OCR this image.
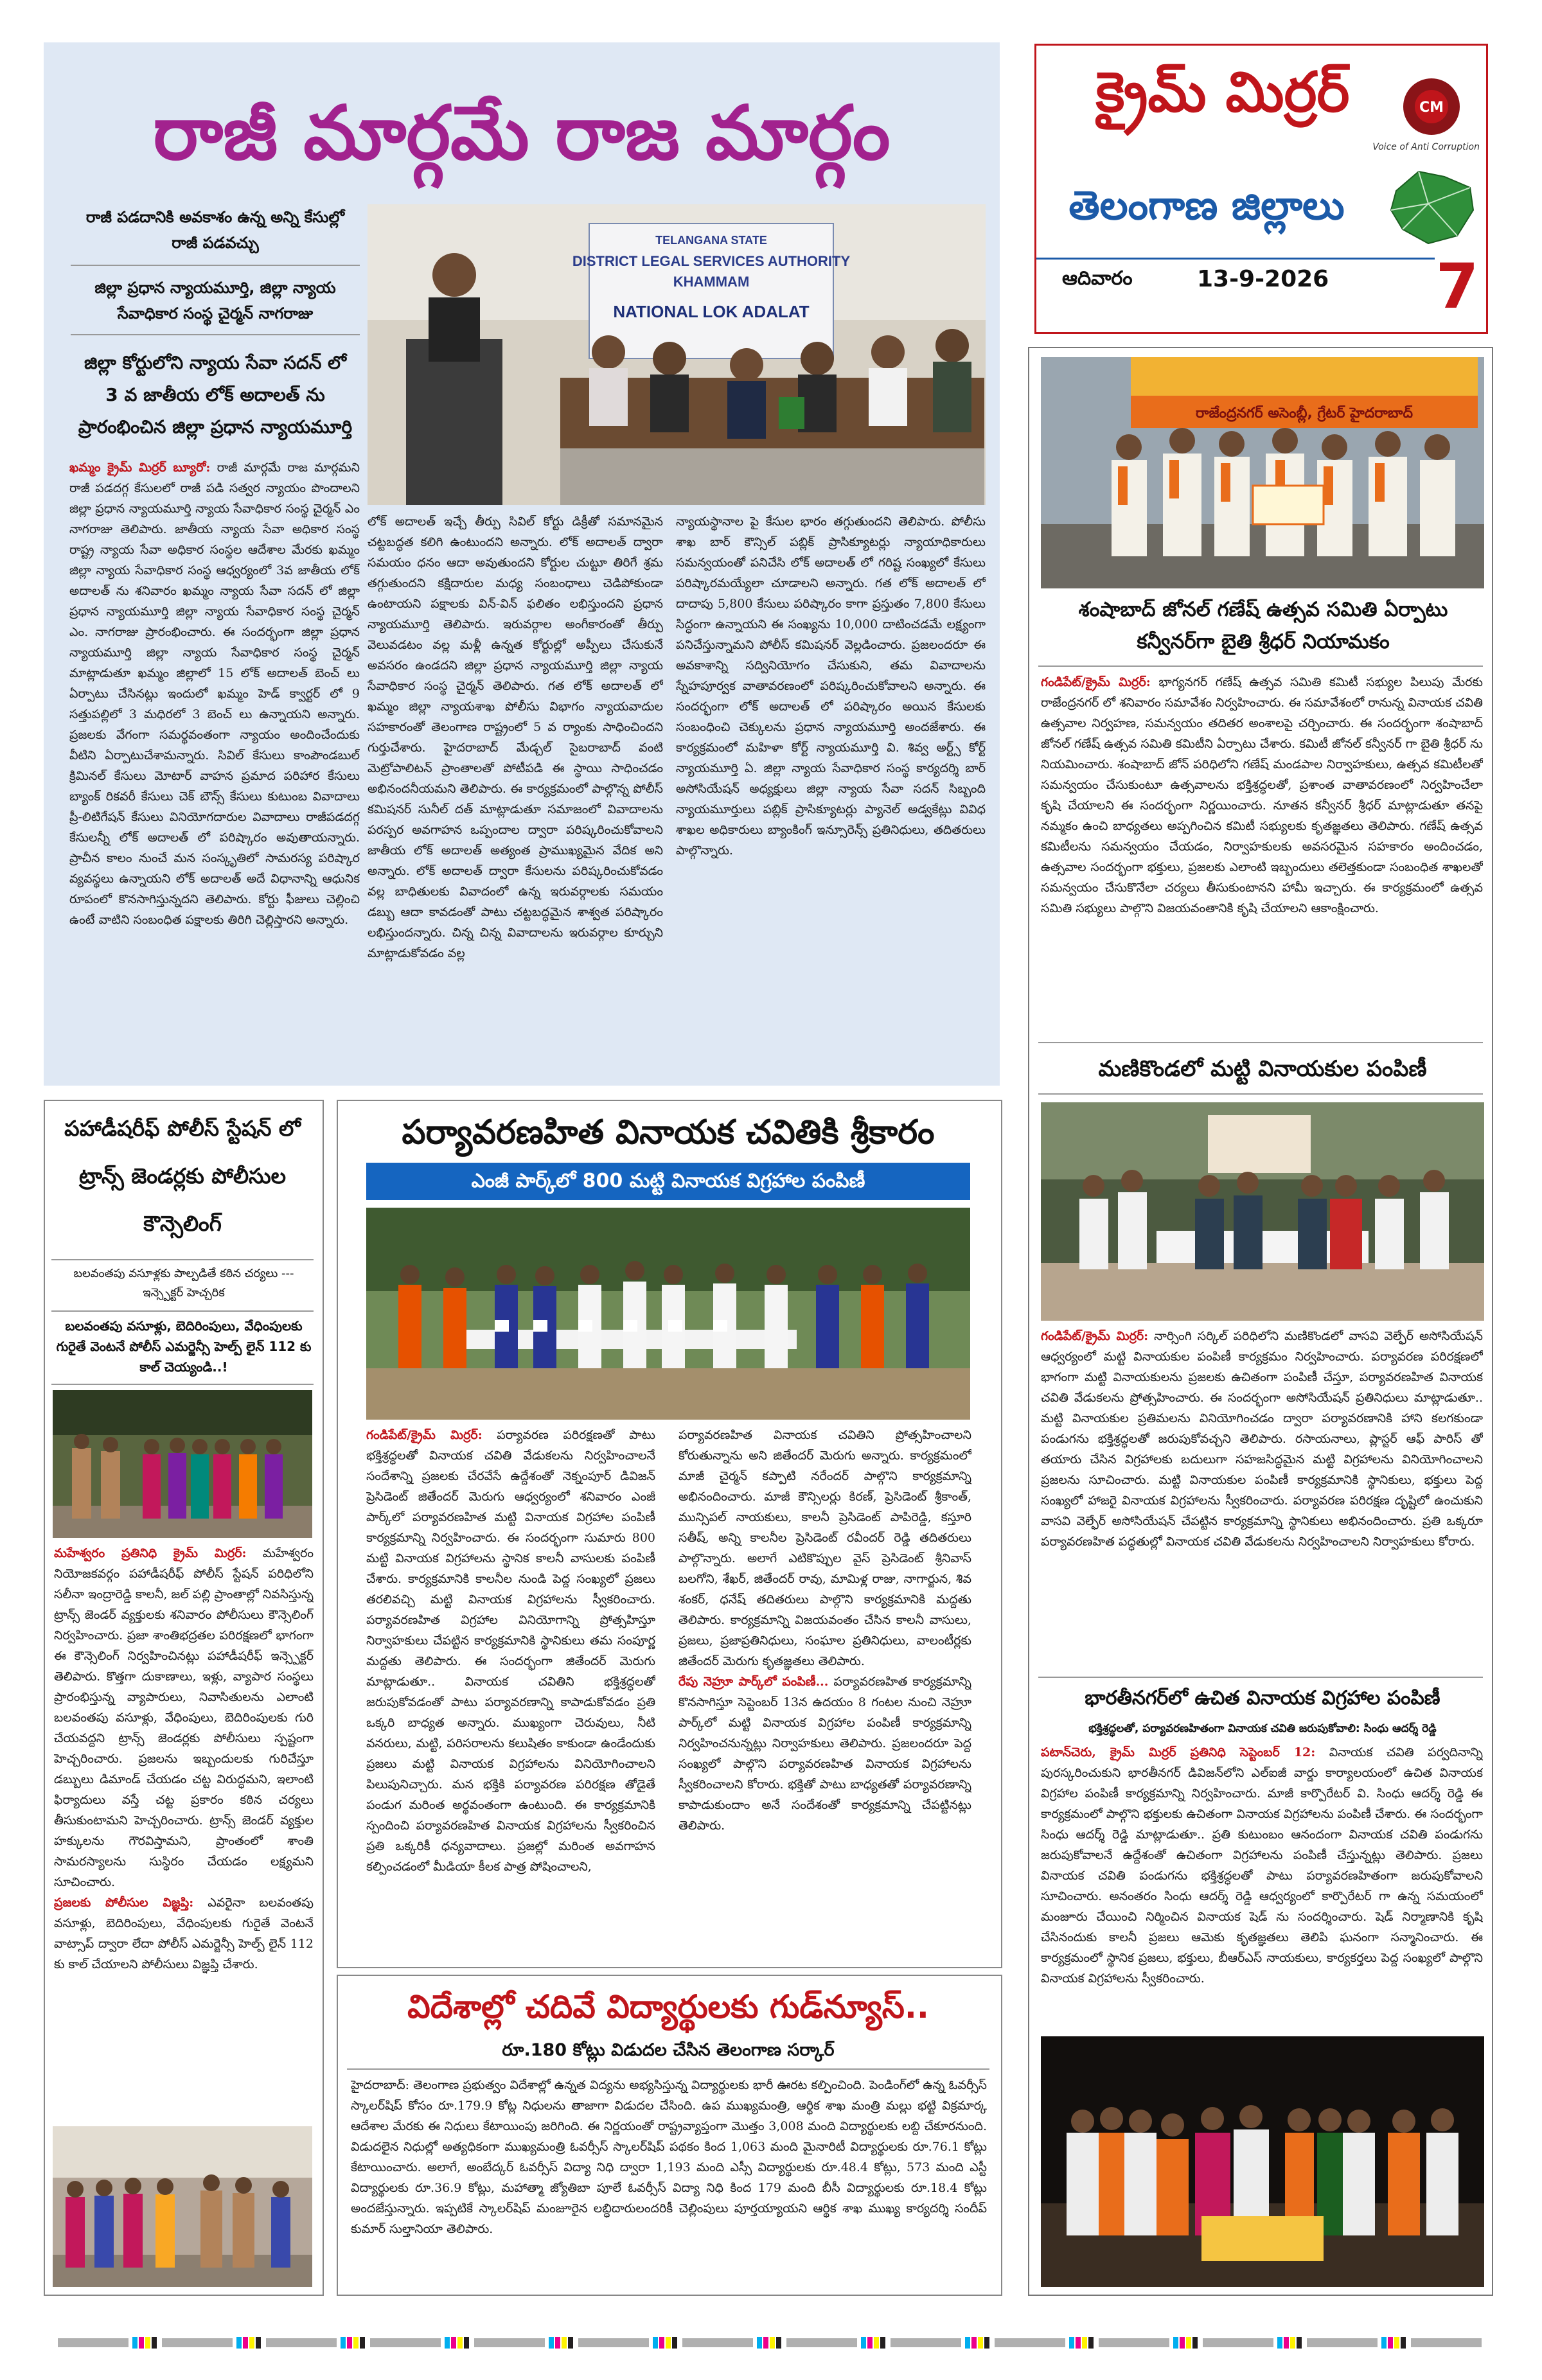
రాజీ మార్గమే రాజ మార్గం
రాజీ పడదానికి అవకాశం ఉన్న అన్ని కేసుల్లో రాజీ పడవచ్చు
జిల్లా ప్రధాన న్యాయమూర్తి, జిల్లా న్యాయ సేవాధికార సంస్థ చైర్మన్ నాగరాజు
జిల్లా కోర్టులోని న్యాయ సేవా సదన్ లో 3 వ జాతీయ లోక్ అదాలత్ ను ప్రారంభించిన జిల్లా ప్రధాన న్యాయమూర్తి
TELANGANA STATE
DISTRICT LEGAL SERVICES AUTHORITY
KHAMMAM
NATIONAL LOK ADALAT
ఖమ్మం క్రైమ్ మిర్రర్ బ్యూరో: రాజీ మార్గమే రాజ మార్గమని రాజీ పడదగ్గ కేసులలో రాజీ పడి సత్వర న్యాయం పొందాలని జిల్లా ప్రధాన న్యాయమూర్తి న్యాయ సేవాధికార సంస్థ చైర్మన్ ఎం నాగరాజు తెలిపారు. జాతీయ న్యాయ సేవా అధికార సంస్థ రాష్ట్ర న్యాయ సేవా అధికార సంస్థల ఆదేశాల మేరకు ఖమ్మం జిల్లా న్యాయ సేవాధికార సంస్థ ఆధ్వర్యంలో 3వ జాతీయ లోక్ అదాలత్ ను శనివారం ఖమ్మం న్యాయ సేవా సదన్ లో జిల్లా ప్రధాన న్యాయమూర్తి జిల్లా న్యాయ సేవాధికార సంస్థ చైర్మన్ ఎం. నాగరాజు ప్రారంభించారు. ఈ సందర్భంగా జిల్లా ప్రధాన న్యాయమూర్తి జిల్లా న్యాయ సేవాధికార సంస్థ చైర్మన్ మాట్లాడుతూ ఖమ్మం జిల్లాలో 15 లోక్ అదాలత్ బెంచ్ లు ఏర్పాటు చేసినట్లు ఇందులో ఖమ్మం హెడ్ క్వార్టర్ లో 9 సత్తుపల్లిలో 3 మధిరలో 3 బెంచ్ లు ఉన్నాయని అన్నారు. ప్రజలకు వేగంగా సమర్థవంతంగా న్యాయం అందించేందుకు వీటిని ఏర్పాటుచేశామన్నారు. సివిల్ కేసులు కాంపౌండబుల్ క్రిమినల్ కేసులు మోటార్ వాహన ప్రమాద పరిహార కేసులు బ్యాంక్ రికవరీ కేసులు చెక్ బౌన్స్ కేసులు కుటుంబ వివాదాలు ప్రీ-లిటిగేషన్ కేసులు వినియోగదారుల వివాదాలు రాజీపడదగ్గ కేసులన్నీ లోక్ అదాలత్ లో పరిష్కారం అవుతాయన్నారు. ప్రాచీన కాలం నుంచే మన సంస్కృతిలో సామరస్య పరిష్కార వ్యవస్థలు ఉన్నాయని లోక్ అదాలత్ అదే విధానాన్ని ఆధునిక రూపంలో కొనసాగిస్తున్నదని తెలిపారు. కోర్టు ఫీజులు చెల్లించి ఉంటే వాటిని సంబంధిత పక్షాలకు తిరిగి చెల్లిస్తారని అన్నారు.
లోక్ అదాలత్ ఇచ్చే తీర్పు సివిల్ కోర్టు డిక్రీతో సమానమైన చట్టబద్ధత కలిగి ఉంటుందని అన్నారు. లోక్ అదాలత్ ద్వారా సమయం ధనం ఆదా అవుతుందని కోర్టుల చుట్టూ తిరిగే శ్రమ తగ్గుతుందని కక్షిదారుల మధ్య సంబంధాలు చెడిపోకుండా ఉంటాయని పక్షాలకు విన్-విన్ ఫలితం లభిస్తుందని ప్రధాన న్యాయమూర్తి తెలిపారు. ఇరువర్గాల అంగీకారంతో తీర్పు వెలువడటం వల్ల మళ్లీ ఉన్నత కోర్టుల్లో అప్పీలు చేసుకునే అవసరం ఉండదని జిల్లా ప్రధాన న్యాయమూర్తి జిల్లా న్యాయ సేవాధికార సంస్థ చైర్మన్ తెలిపారు. గత లోక్ అదాలత్ లో ఖమ్మం జిల్లా న్యాయశాఖ పోలీసు విభాగం న్యాయవాదుల సహకారంతో తెలంగాణ రాష్ట్రంలో 5 వ ర్యాంకు సాధించిందని గుర్తుచేశారు. హైదరాబాద్ మేడ్చల్ సైబరాబాద్ వంటి మెట్రోపాలిటన్ ప్రాంతాలతో పోటీపడి ఈ స్థాయి సాధించడం అభినందనీయమని తెలిపారు. ఈ కార్యక్రమంలో పాల్గొన్న పోలీస్ కమిషనర్ సునీల్ దత్ మాట్లాడుతూ సమాజంలో వివాదాలను పరస్పర అవగాహన ఒప్పందాల ద్వారా పరిష్కరించుకోవాలని జాతీయ లోక్ అదాలత్ అత్యంత ప్రాముఖ్యమైన వేదిక అని అన్నారు. లోక్ అదాలత్ ద్వారా కేసులను పరిష్కరించుకోవడం వల్ల బాధితులకు వివాదంలో ఉన్న ఇరువర్గాలకు సమయం డబ్బు ఆదా కావడంతో పాటు చట్టబద్ధమైన శాశ్వత పరిష్కారం లభిస్తుందన్నారు. చిన్న చిన్న వివాదాలను ఇరువర్గాల కూర్చుని మాట్లాడుకోవడం వల్ల
న్యాయస్థానాల పై కేసుల భారం తగ్గుతుందని తెలిపారు. పోలీసు శాఖ బార్ కౌన్సిల్ పబ్లిక్ ప్రాసిక్యూటర్లు న్యాయాధికారులు సమన్వయంతో పనిచేసి లోక్ అదాలత్ లో గరిష్ట సంఖ్యలో కేసులు పరిష్కారమయ్యేలా చూడాలని అన్నారు. గత లోక్ అదాలత్ లో దాదాపు 5,800 కేసులు పరిష్కారం కాగా ప్రస్తుతం 7,800 కేసులు సిద్ధంగా ఉన్నాయని ఈ సంఖ్యను 10,000 దాటించడమే లక్ష్యంగా పనిచేస్తున్నామని పోలీస్ కమిషనర్ వెల్లడించారు. ప్రజలందరూ ఈ అవకాశాన్ని సద్వినియోగం చేసుకుని, తమ వివాదాలను స్నేహపూర్వక వాతావరణంలో పరిష్కరించుకోవాలని అన్నారు. ఈ సందర్భంగా లోక్ అదాలత్ లో పరిష్కారం అయిన కేసులకు సంబంధించి చెక్కులను ప్రధాన న్యాయమూర్తి అందజేశారు. ఈ కార్యక్రమంలో మహిళా కోర్ట్ న్యాయమూర్తి వి. శివ్వ అర్ట్స్ కోర్ట్ న్యాయమూర్తి ఏ. జిల్లా న్యాయ సేవాధికార సంస్థ కార్యదర్శి బార్ అసోసియేషన్ అధ్యక్షులు జిల్లా న్యాయ సేవా సదన్ సిబ్బంది న్యాయమూర్తులు పబ్లిక్ ప్రాసిక్యూటర్లు ప్యానెల్ అడ్వకేట్లు వివిధ శాఖల అధికారులు బ్యాంకింగ్ ఇన్సూరెన్స్ ప్రతినిధులు, తదితరులు పాల్గొన్నారు.
క్రైమ్ మిర్రర్	CM
Voice of Anti Corruption
తెలంగాణ జిల్లాలు
ఆదివారం	13-9-2026 7
రాజేంద్రనగర్ అసెంబ్లీ, గ్రేటర్ హైదరాబాద్
శంషాబాద్ జోనల్ గణేష్ ఉత్సవ సమితి ఏర్పాటు కన్వీనర్‌గా బైతి శ్రీధర్ నియామకం
గండిపేట్/క్రైమ్ మిర్రర్: భాగ్యనగర్ గణేష్ ఉత్సవ సమితి కమిటీ సభ్యుల పిలుపు మేరకు రాజేంద్రనగర్ లో శనివారం సమావేశం నిర్వహించారు. ఈ సమావేశంలో రానున్న వినాయక చవితి ఉత్సవాల నిర్వహణ, సమన్వయం తదితర అంశాలపై చర్చించారు. ఈ సందర్భంగా శంషాబాద్ జోనల్ గణేష్ ఉత్సవ సమితి కమిటీని ఏర్పాటు చేశారు. కమిటీ జోనల్ కన్వీనర్ గా బైతి శ్రీధర్ ను నియమించారు. శంషాబాద్ జోన్ పరిధిలోని గణేష్ మండపాల నిర్వాహకులు, ఉత్సవ కమిటీలతో సమన్వయం చేసుకుంటూ ఉత్సవాలను భక్తిశ్రద్ధలతో, ప్రశాంత వాతావరణంలో నిర్వహించేలా కృషి చేయాలని ఈ సందర్భంగా నిర్ణయించారు. నూతన కన్వీనర్ శ్రీధర్ మాట్లాడుతూ తనపై నమ్మకం ఉంచి బాధ్యతలు అప్పగించిన కమిటీ సభ్యులకు కృతజ్ఞతలు తెలిపారు. గణేష్ ఉత్సవ కమిటీలను సమన్వయం చేయడం, నిర్వాహకులకు అవసరమైన సహకారం అందించడం, ఉత్సవాల సందర్భంగా భక్తులు, ప్రజలకు ఎలాంటి ఇబ్బందులు తలెత్తకుండా సంబంధిత శాఖలతో సమన్వయం చేసుకొనేలా చర్యలు తీసుకుంటానని హామీ ఇచ్చారు. ఈ కార్యక్రమంలో ఉత్సవ సమితి సభ్యులు పాల్గొని విజయవంతానికి కృషి చేయాలని ఆకాంక్షించారు.
మణికొండలో మట్టి వినాయకుల పంపిణీ
గండిపేట్/క్రైమ్ మిర్రర్: నార్సింగి సర్కిల్ పరిధిలోని మణికొండలో వాసవి వెల్ఫేర్ అసోసియేషన్ ఆధ్వర్యంలో మట్టి వినాయకుల పంపిణీ కార్యక్రమం నిర్వహించారు. పర్యావరణ పరిరక్షణలో భాగంగా మట్టి వినాయకులను ప్రజలకు ఉచితంగా పంపిణీ చేస్తూ, పర్యావరణహిత వినాయక చవితి వేడుకలను ప్రోత్సహించారు. ఈ సందర్భంగా అసోసియేషన్ ప్రతినిధులు మాట్లాడుతూ.. మట్టి వినాయకుల ప్రతిమలను వినియోగించడం ద్వారా పర్యావరణానికి హాని కలగకుండా పండుగను భక్తిశ్రద్ధలతో జరుపుకోవచ్చని తెలిపారు. రసాయనాలు, ప్లాస్టర్ ఆఫ్ పారిస్ తో తయారు చేసిన విగ్రహాలకు బదులుగా సహజసిద్ధమైన మట్టి విగ్రహాలను వినియోగించాలని ప్రజలను సూచించారు. మట్టి వినాయకుల పంపిణీ కార్యక్రమానికి స్థానికులు, భక్తులు పెద్ద సంఖ్యలో హాజరై వినాయక విగ్రహాలను స్వీకరించారు. పర్యావరణ పరిరక్షణ దృష్టిలో ఉంచుకుని వాసవి వెల్ఫేర్ అసోసియేషన్ చేపట్టిన కార్యక్రమాన్ని స్థానికులు అభినందించారు. ప్రతి ఒక్కరూ పర్యావరణహిత పద్ధతుల్లో వినాయక చవితి వేడుకలను నిర్వహించాలని నిర్వాహకులు కోరారు.
భారతీనగర్‌లో ఉచిత వినాయక విగ్రహాల పంపిణీ
భక్తిశ్రద్ధలతో, పర్యావరణహితంగా వినాయక చవితి జరుపుకోవాలి: సింధు ఆదర్శ్ రెడ్డి
పటాన్‌చెరు, క్రైమ్ మిర్రర్ ప్రతినిధి సెప్టెంబర్ 12: వినాయక చవితి పర్వదినాన్ని పురస్కరించుకుని భారతీనగర్ డివిజన్‌లోని ఎల్ఐజీ వార్డు కార్యాలయంలో ఉచిత వినాయక విగ్రహాల పంపిణీ కార్యక్రమాన్ని నిర్వహించారు. మాజీ కార్పొరేటర్ వి. సింధు ఆదర్శ్ రెడ్డి ఈ కార్యక్రమంలో పాల్గొని భక్తులకు ఉచితంగా వినాయక విగ్రహాలను పంపిణీ చేశారు. ఈ సందర్భంగా సింధు ఆదర్శ్ రెడ్డి మాట్లాడుతూ.. ప్రతి కుటుంబం ఆనందంగా వినాయక చవితి పండుగను జరుపుకోవాలనే ఉద్దేశంతో ఉచితంగా విగ్రహాలను పంపిణీ చేస్తున్నట్లు తెలిపారు. ప్రజలు వినాయక చవితి పండుగను భక్తిశ్రద్ధలతో పాటు పర్యావరణహితంగా జరుపుకోవాలని సూచించారు. అనంతరం సింధు ఆదర్శ్ రెడ్డి ఆధ్వర్యంలో కార్పొరేటర్ గా ఉన్న సమయంలో మంజూరు చేయించి నిర్మించిన వినాయక షెడ్ ను సందర్శించారు. షెడ్ నిర్మాణానికి కృషి చేసినందుకు కాలనీ ప్రజలు ఆమెకు కృతజ్ఞతలు తెలిపి ఘనంగా సన్మానించారు. ఈ కార్యక్రమంలో స్థానిక ప్రజలు, భక్తులు, బీఆర్ఎస్ నాయకులు, కార్యకర్తలు పెద్ద సంఖ్యలో పాల్గొని వినాయక విగ్రహాలను స్వీకరించారు.
పహాడీషరీఫ్ పోలీస్ స్టేషన్ లో ట్రాన్స్ జెండర్లకు పోలీసుల కౌన్సెలింగ్
బలవంతపు వసూళ్లకు పాల్పడితే కఠిన చర్యలు --- ఇన్స్పెక్టర్ హెచ్చరిక
బలవంతపు వసూళ్లు, బెదిరింపులు, వేధింపులకు గురైతే వెంటనే పోలీస్ ఎమర్జెన్సీ హెల్ప్ లైన్ 112 కు కాల్ చెయ్యండి..!
మహేశ్వరం ప్రతినిధి క్రైమ్ మిర్రర్: మహేశ్వరం నియోజకవర్గం పహాడీషరీఫ్ పోలీస్ స్టేషన్ పరిధిలోని సలీనా ఇంద్రారెడ్డి కాలనీ, జల్ పల్లి ప్రాంతాల్లో నివసిస్తున్న ట్రాన్స్ జెండర్ వ్యక్తులకు శనివారం పోలీసులు కౌన్సెలింగ్ నిర్వహించారు. ప్రజా శాంతిభద్రతల పరిరక్షణలో భాగంగా ఈ కౌన్సెలింగ్ నిర్వహించినట్లు పహాడీషరీఫ్ ఇన్స్పెక్టర్ తెలిపారు. కొత్తగా దుకాణాలు, ఇళ్లు, వ్యాపార సంస్థలు ప్రారంభిస్తున్న వ్యాపారులు, నివాసితులను ఎలాంటి బలవంతపు వసూళ్లు, వేధింపులు, బెదిరింపులకు గురి చేయవద్దని ట్రాన్స్ జెండర్లకు పోలీసులు స్పష్టంగా హెచ్చరించారు. ప్రజలను ఇబ్బందులకు గురిచేస్తూ డబ్బులు డిమాండ్ చేయడం చట్ట విరుద్ధమని, ఇలాంటి ఫిర్యాదులు వస్తే చట్ట ప్రకారం కఠిన చర్యలు తీసుకుంటామని హెచ్చరించారు. ట్రాన్స్ జెండర్ వ్యక్తుల హక్కులను గౌరవిస్తామని, ప్రాంతంలో శాంతి సామరస్యాలను సుస్థిరం చేయడం లక్ష్యమని సూచించారు.
ప్రజలకు పోలీసుల విజ్ఞప్తి: ఎవరైనా బలవంతపు వసూళ్లు, బెదిరింపులు, వేధింపులకు గురైతే వెంటనే వాట్సాప్ ద్వారా లేదా పోలీస్ ఎమర్జెన్సీ హెల్ప్ లైన్ 112 కు కాల్ చేయాలని పోలీసులు విజ్ఞప్తి చేశారు.
పర్యావరణహిత వినాయక చవితికి శ్రీకారం
ఎంజీ పార్క్‌లో 800 మట్టి వినాయక విగ్రహాల పంపిణీ
గండిపేట్/క్రైమ్ మిర్రర్: పర్యావరణ పరిరక్షణతో పాటు భక్తిశ్రద్ధలతో వినాయక చవితి వేడుకలను నిర్వహించాలనే సందేశాన్ని ప్రజలకు చేరవేసే ఉద్దేశంతో నెక్నంపూర్ డివిజన్ ప్రెసిడెంట్ జితేందర్ మెరుగు ఆధ్వర్యంలో శనివారం ఎంజీ పార్క్‌లో పర్యావరణహిత మట్టి వినాయక విగ్రహాల పంపిణీ కార్యక్రమాన్ని నిర్వహించారు. ఈ సందర్భంగా సుమారు 800 మట్టి వినాయక విగ్రహాలను స్థానిక కాలనీ వాసులకు పంపిణీ చేశారు. కార్యక్రమానికి కాలనీల నుండి పెద్ద సంఖ్యలో ప్రజలు తరలివచ్చి మట్టి వినాయక విగ్రహాలను స్వీకరించారు. పర్యావరణహిత విగ్రహాల వినియోగాన్ని ప్రోత్సహిస్తూ నిర్వాహకులు చేపట్టిన కార్యక్రమానికి స్థానికులు తమ సంపూర్ణ మద్దతు తెలిపారు. ఈ సందర్భంగా జితేందర్ మెరుగు మాట్లాడుతూ.. వినాయక చవితిని భక్తిశ్రద్ధలతో జరుపుకోవడంతో పాటు పర్యావరణాన్ని కాపాడుకోవడం ప్రతి ఒక్కరి బాధ్యత అన్నారు. ముఖ్యంగా చెరువులు, నీటి వనరులు, మట్టి, పరిసరాలను కలుషితం కాకుండా ఉండేందుకు ప్రజలు మట్టి వినాయక విగ్రహాలను వినియోగించాలని పిలుపునిచ్చారు. మన భక్తికి పర్యావరణ పరిరక్షణ తోడైతే పండుగ మరింత అర్థవంతంగా ఉంటుంది. ఈ కార్యక్రమానికి స్పందించి పర్యావరణహిత వినాయక విగ్రహాలను స్వీకరించిన ప్రతి ఒక్కరికీ ధన్యవాదాలు. ప్రజల్లో మరింత అవగాహన కల్పించడంలో మీడియా కీలక పాత్ర పోషించాలని,
పర్యావరణహిత వినాయక చవితిని ప్రోత్సహించాలని కోరుతున్నాను అని జితేందర్ మెరుగు అన్నారు. కార్యక్రమంలో మాజీ చైర్మన్ కప్పాటి నరేందర్ పాల్గొని కార్యక్రమాన్ని అభినందించారు. మాజీ కౌన్సిలర్లు కిరణ్, ప్రెసిడెంట్ శ్రీకాంత్, మున్సిపల్ నాయకులు, కాలనీ ప్రెసిడెంట్ పాపిరెడ్డి, కస్తూరి సతీష్, అన్ని కాలనీల ప్రెసిడెంట్ రవీందర్ రెడ్డి తదితరులు పాల్గొన్నారు. అలాగే ఎటికొప్పుల వైస్ ప్రెసిడెంట్ శ్రీనివాస్ బలగోని, శేఖర్, జితేందర్ రావు, మామిళ్ల రాజు, నాగార్జున, శివ శంకర్, ధనేష్ తదితరులు పాల్గొని కార్యక్రమానికి మద్దతు తెలిపారు. కార్యక్రమాన్ని విజయవంతం చేసిన కాలనీ వాసులు, ప్రజలు, ప్రజాప్రతినిధులు, సంఘాల ప్రతినిధులు, వాలంటీర్లకు జితేందర్ మెరుగు కృతజ్ఞతలు తెలిపారు.
రేపు నెహ్రూ పార్క్‌లో పంపిణీ... పర్యావరణహిత కార్యక్రమాన్ని కొనసాగిస్తూ సెప్టెంబర్ 13న ఉదయం 8 గంటల నుంచి నెహ్రూ పార్క్‌లో మట్టి వినాయక విగ్రహాల పంపిణీ కార్యక్రమాన్ని నిర్వహించనున్నట్లు నిర్వాహకులు తెలిపారు. ప్రజలందరూ పెద్ద సంఖ్యలో పాల్గొని పర్యావరణహిత వినాయక విగ్రహాలను స్వీకరించాలని కోరారు. భక్తితో పాటు బాధ్యతతో పర్యావరణాన్ని కాపాడుకుందాం అనే సందేశంతో కార్యక్రమాన్ని చేపట్టినట్లు తెలిపారు.
విదేశాల్లో చదివే విద్యార్థులకు గుడ్‌న్యూస్..
రూ.180 కోట్లు విడుదల చేసిన తెలంగాణ సర్కార్
హైదరాబాద్: తెలంగాణ ప్రభుత్వం విదేశాల్లో ఉన్నత విద్యను అభ్యసిస్తున్న విద్యార్థులకు భారీ ఊరట కల్పించింది. పెండింగ్‌లో ఉన్న ఓవర్సీస్ స్కాలర్‌షిప్ కోసం రూ.179.9 కోట్ల నిధులను తాజాగా విడుదల చేసింది. ఉప ముఖ్యమంత్రి, ఆర్థిక శాఖ మంత్రి మల్లు భట్టి విక్రమార్క ఆదేశాల మేరకు ఈ నిధులు కేటాయింపు జరిగింది. ఈ నిర్ణయంతో రాష్ట్రవ్యాప్తంగా మొత్తం 3,008 మంది విద్యార్థులకు లబ్ది చేకూరనుంది. విడుదలైన నిధుల్లో అత్యధికంగా ముఖ్యమంత్రి ఓవర్సీస్ స్కాలర్‌షిప్ పథకం కింద 1,063 మంది మైనారిటీ విద్యార్థులకు రూ.76.1 కోట్లు కేటాయించారు. అలాగే, అంబేద్కర్ ఓవర్సీస్ విద్యా నిధి ద్వారా 1,193 మంది ఎస్సీ విద్యార్థులకు రూ.48.4 కోట్లు, 573 మంది ఎస్టీ విద్యార్థులకు రూ.36.9 కోట్లు, మహాత్మా జ్యోతిబా పూలే ఓవర్సీస్ విద్యా నిధి కింద 179 మంది బీసీ విద్యార్థులకు రూ.18.4 కోట్లు అందజేస్తున్నారు. ఇప్పటికే స్కాలర్‌షిప్ మంజూరైన లబ్ధిదారులందరికీ చెల్లింపులు పూర్తయ్యాయని ఆర్థిక శాఖ ముఖ్య కార్యదర్శి సందీప్ కుమార్ సుల్తానియా తెలిపారు.
